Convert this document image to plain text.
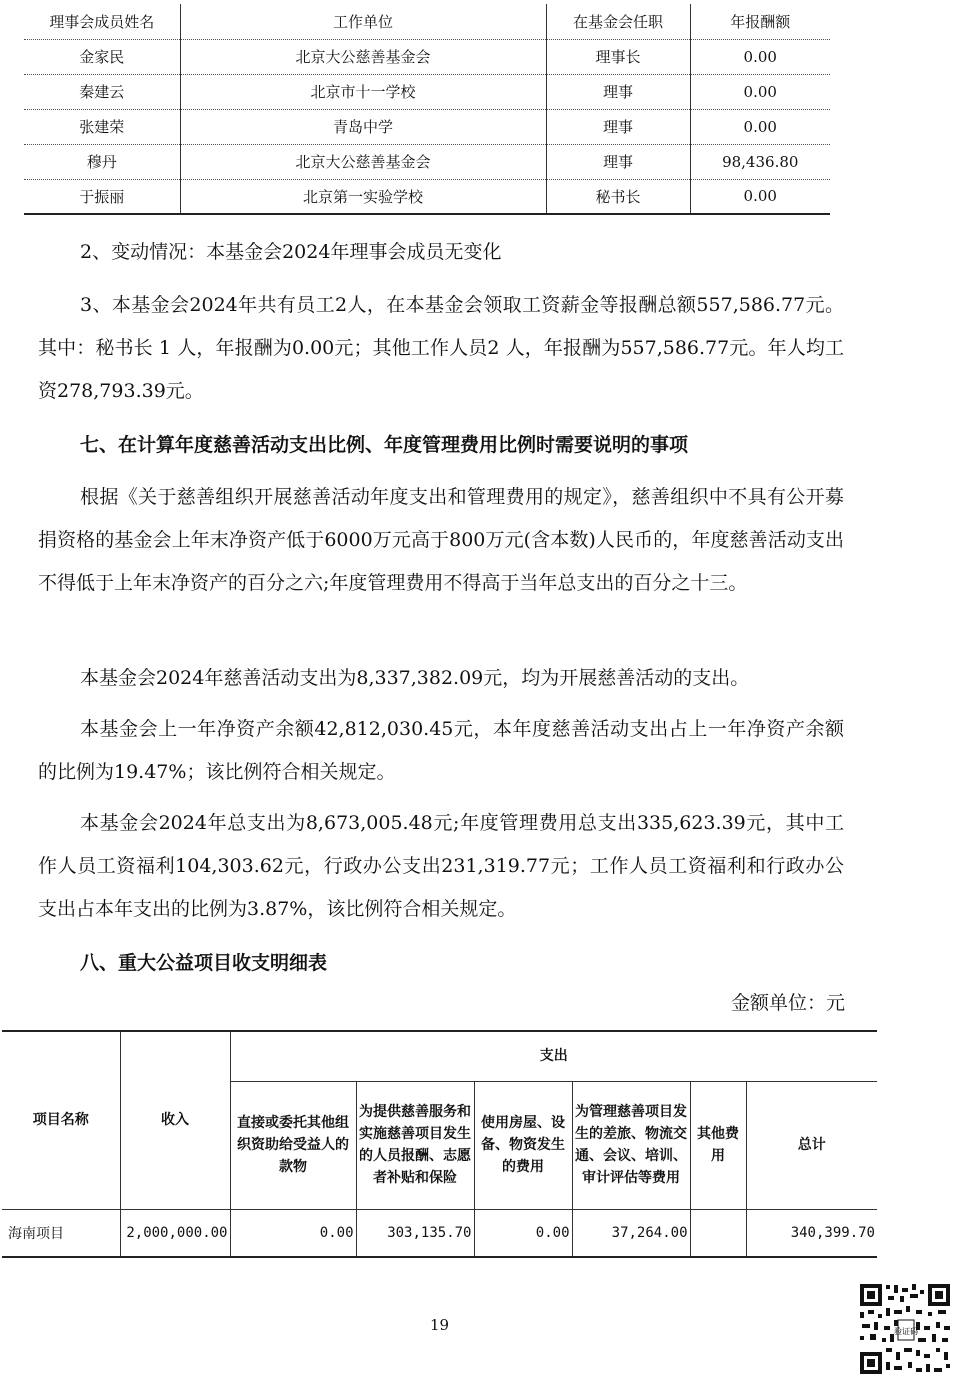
理事会成员姓名	工作单位	在基金会任职	年报酬额
金家民	北京大公慈善基金会	理事长	0.00
秦建云	北京市十一学校	理事	0.00
张建荣	青岛中学	理事	0.00
穆丹	北京大公慈善基金会	理事	98,436.80
于振丽	北京第一实验学校	秘书长	0.00

2、变动情况：本基金会2024年理事会成员无变化

3、本基金会2024年共有员工2人，在本基金会领取工资薪金等报酬总额557,586.77元。其中：秘书长 1 人，年报酬为0.00元；其他工作人员2 人，年报酬为557,586.77元。年人均工资278,793.39元。

七、在计算年度慈善活动支出比例、年度管理费用比例时需要说明的事项

根据《关于慈善组织开展慈善活动年度支出和管理费用的规定》，慈善组织中不具有公开募捐资格的基金会上年末净资产低于6000万元高于800万元(含本数)人民币的，年度慈善活动支出不得低于上年末净资产的百分之六;年度管理费用不得高于当年总支出的百分之十三。

本基金会2024年慈善活动支出为8,337,382.09元，均为开展慈善活动的支出。

本基金会上一年净资产余额42,812,030.45元，本年度慈善活动支出占上一年净资产余额的比例为19.47%；该比例符合相关规定。

本基金会2024年总支出为8,673,005.48元;年度管理费用总支出335,623.39元，其中工作人员工资福利104,303.62元，行政办公支出231,319.77元；工作人员工资福利和行政办公支出占本年支出的比例为3.87%，该比例符合相关规定。

八、重大公益项目收支明细表
金额单位：元
项目名称	收入	支出					
		直接或委托其他组织资助给受益人的款物	为提供慈善服务和实施慈善项目发生的人员报酬、志愿者补贴和保险	使用房屋、设备、物资发生的费用	为管理慈善项目发生的差旅、物流交通、会议、培训、审计评估等费用	其他费用	总计
海南项目	2,000,000.00	0.00	303,135.70	0.00	37,264.00		340,399.70
19	验证码
